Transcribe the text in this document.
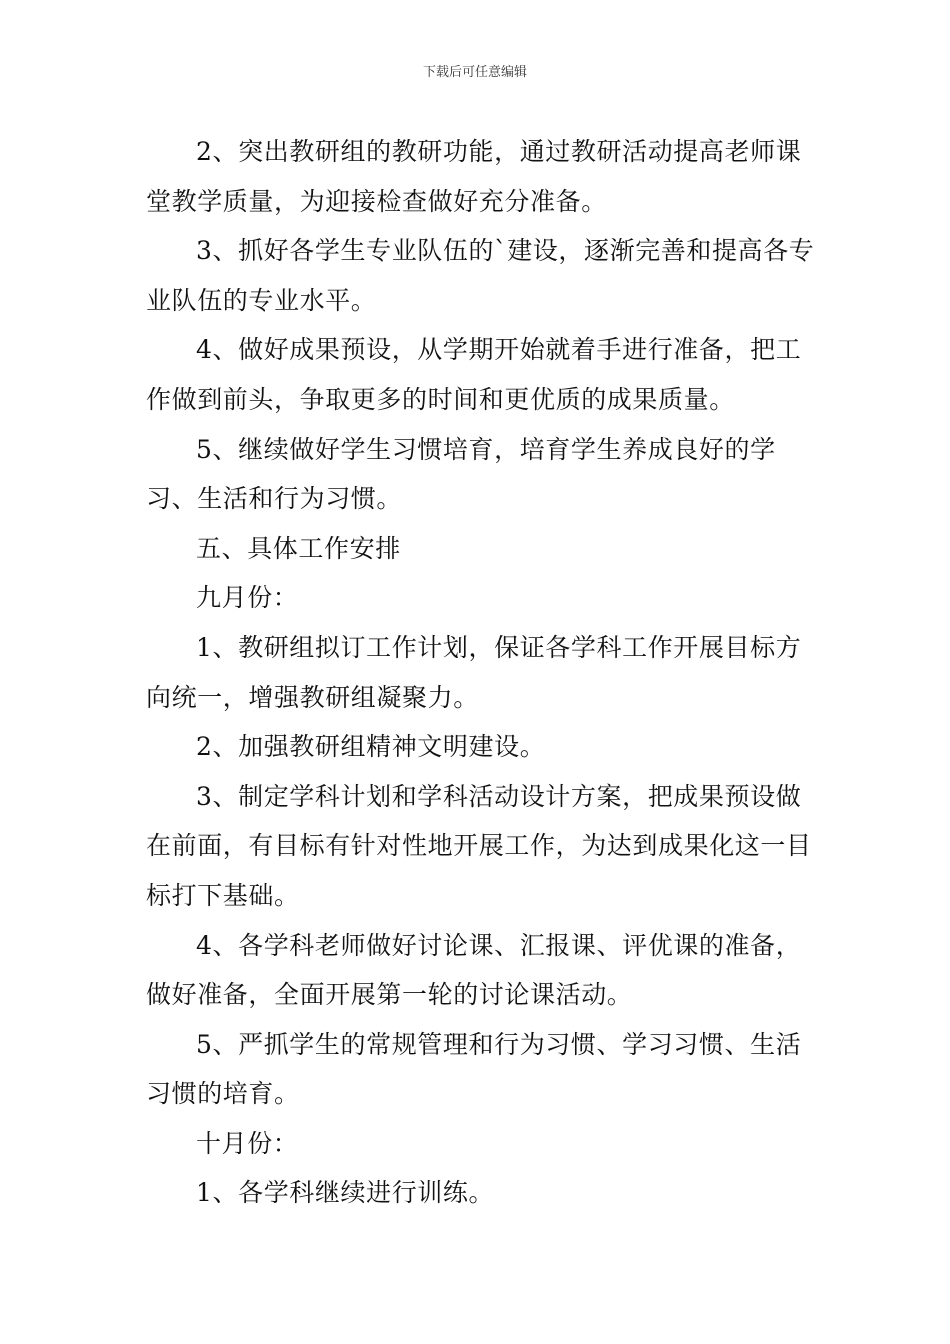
下载后可任意编辑

2、突出教研组的教研功能，通过教研活动提高老师课堂教学质量，为迎接检查做好充分准备。

3、抓好各学生专业队伍的`建设，逐渐完善和提高各专业队伍的专业水平。

4、做好成果预设，从学期开始就着手进行准备，把工作做到前头，争取更多的时间和更优质的成果质量。

5、继续做好学生习惯培育，培育学生养成良好的学习、生活和行为习惯。

五、具体工作安排

九月份：

1、教研组拟订工作计划，保证各学科工作开展目标方向统一，增强教研组凝聚力。

2、加强教研组精神文明建设。

3、制定学科计划和学科活动设计方案，把成果预设做在前面，有目标有针对性地开展工作，为达到成果化这一目标打下基础。

4、各学科老师做好讨论课、汇报课、评优课的准备，做好准备，全面开展第一轮的讨论课活动。

5、严抓学生的常规管理和行为习惯、学习习惯、生活习惯的培育。

十月份：

1、各学科继续进行训练。
